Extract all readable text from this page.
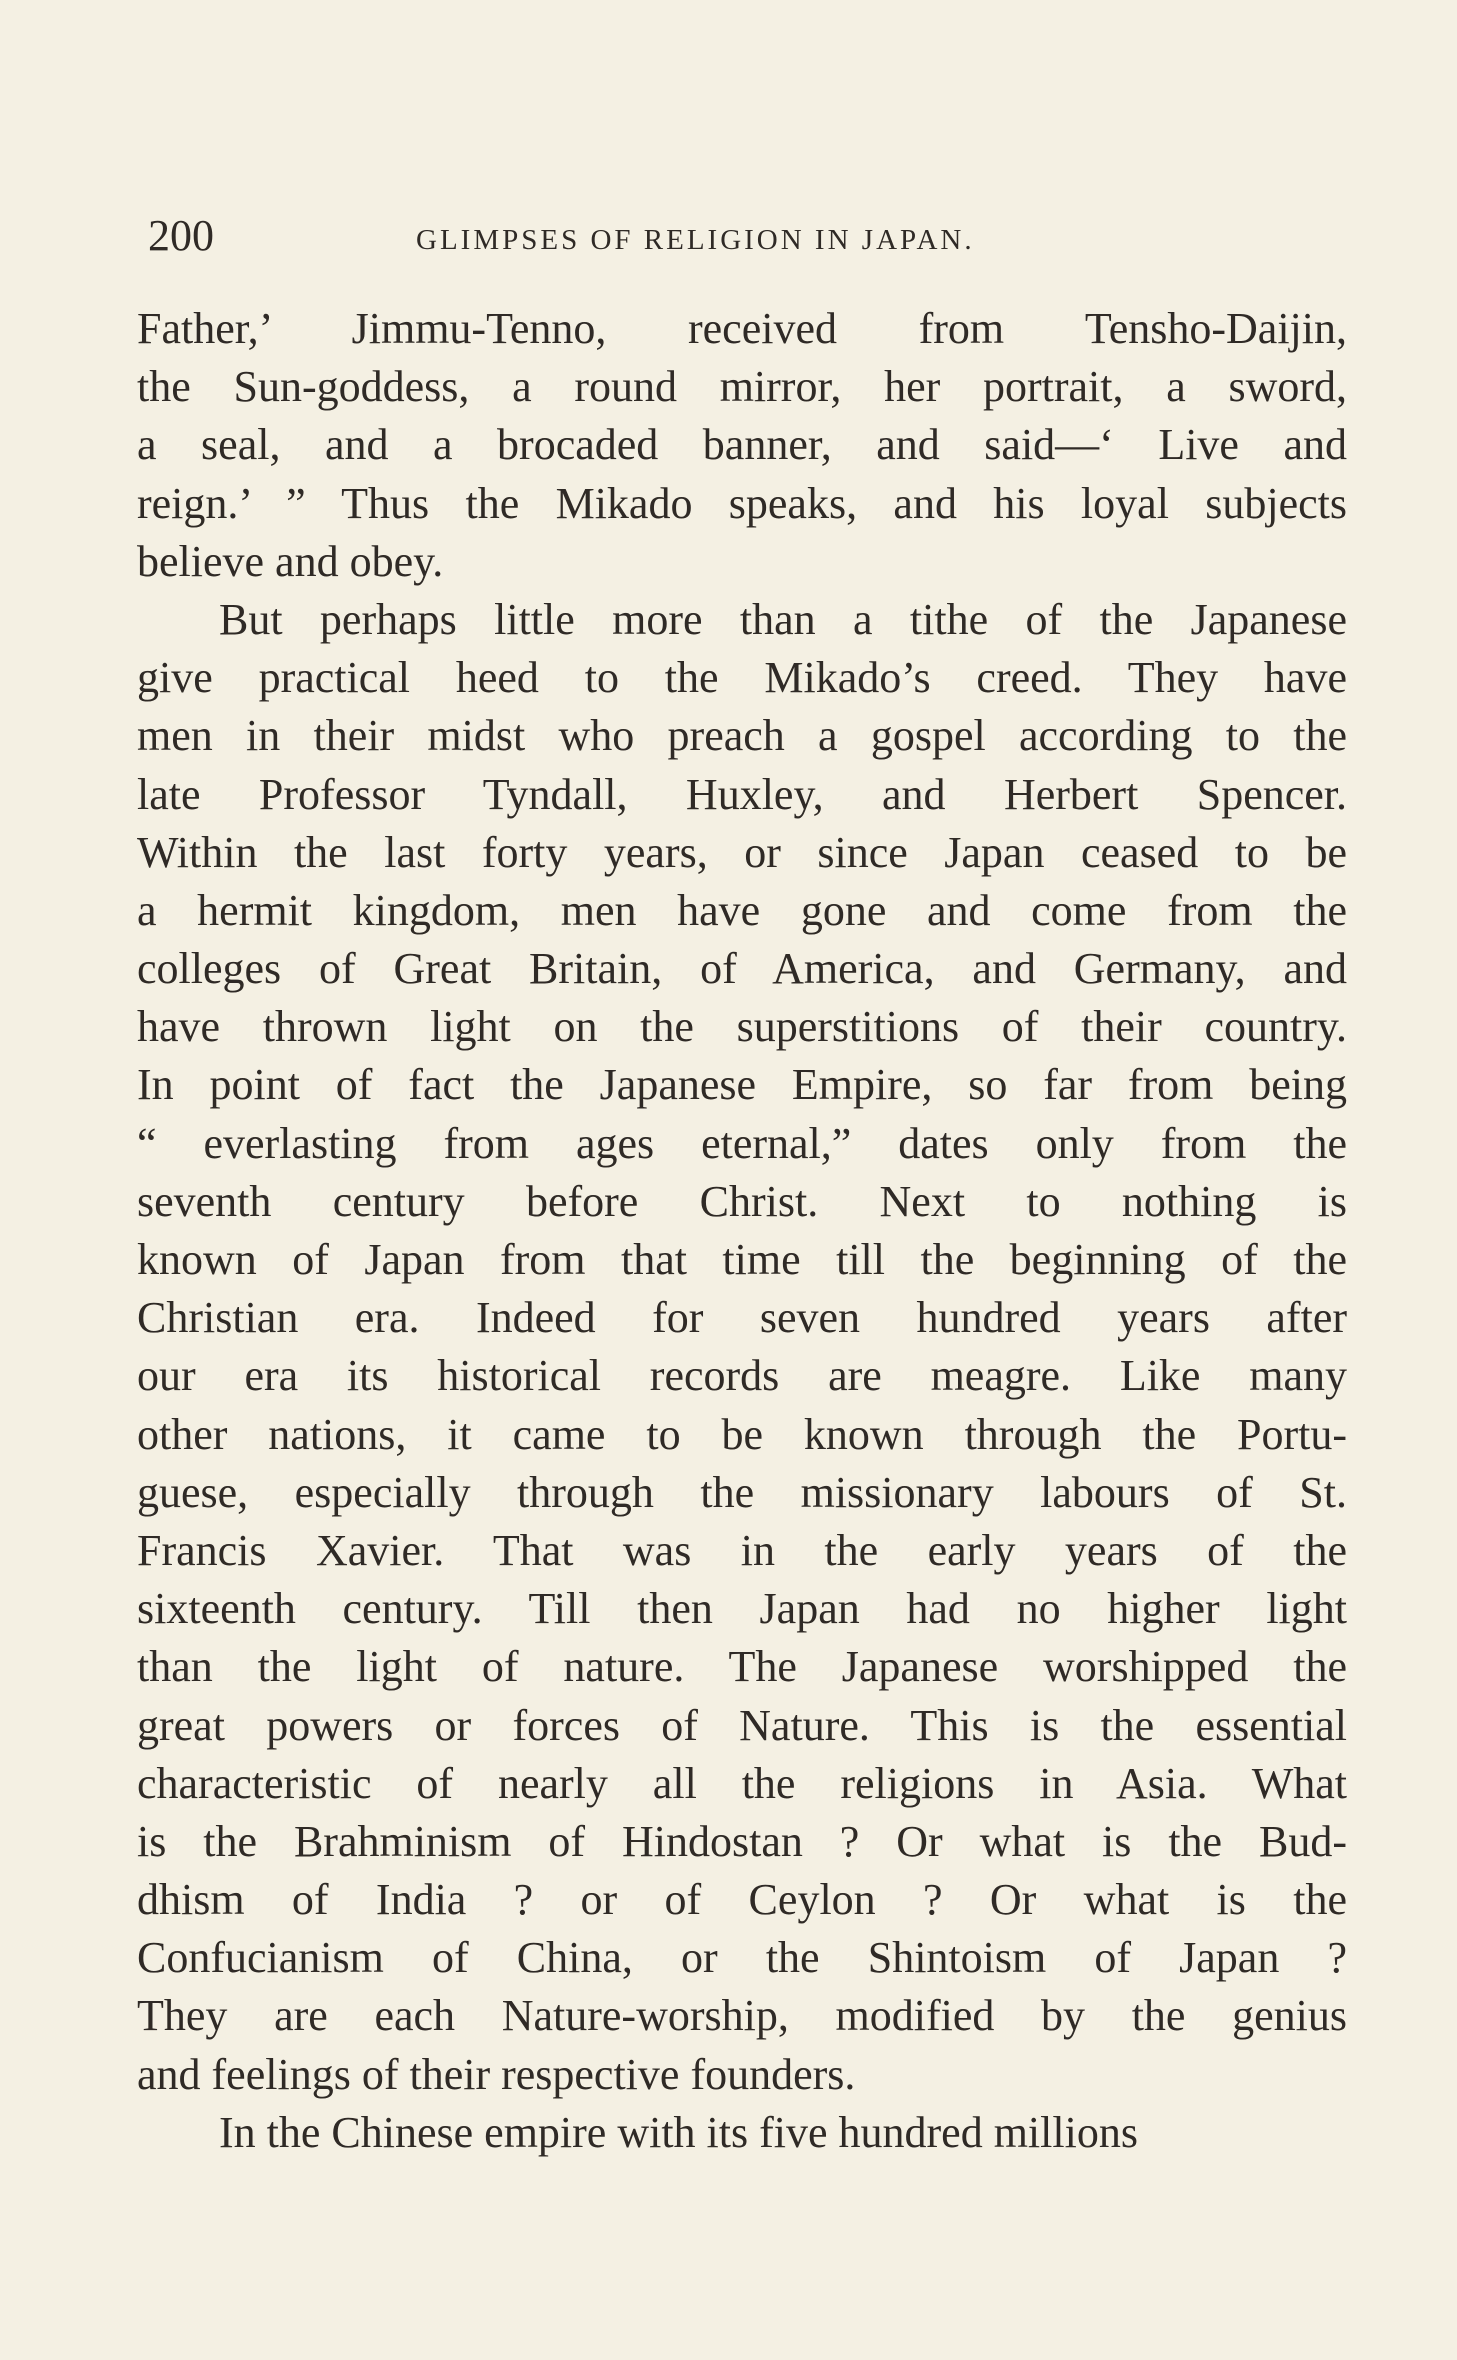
200	GLIMPSES OF RELIGION IN JAPAN.
Father,’ Jimmu-Tenno, received from Tensho-Daijin,
the Sun-goddess, a round mirror, her portrait, a sword,
a seal, and a brocaded banner, and said—‘ Live and
reign.’ ” Thus the Mikado speaks, and his loyal subjects
believe and obey.
But perhaps little more than a tithe of the Japanese
give practical heed to the Mikado’s creed. They have
men in their midst who preach a gospel according to the
late Professor Tyndall, Huxley, and Herbert Spencer.
Within the last forty years, or since Japan ceased to be
a hermit kingdom, men have gone and come from the
colleges of Great Britain, of America, and Germany, and
have thrown light on the superstitions of their country.
In point of fact the Japanese Empire, so far from being
“ everlasting from ages eternal,” dates only from the
seventh century before Christ. Next to nothing is
known of Japan from that time till the beginning of the
Christian era. Indeed for seven hundred years after
our era its historical records are meagre. Like many
other nations, it came to be known through the Portu-
guese, especially through the missionary labours of St.
Francis Xavier. That was in the early years of the
sixteenth century. Till then Japan had no higher light
than the light of nature. The Japanese worshipped the
great powers or forces of Nature. This is the essential
characteristic of nearly all the religions in Asia. What
is the Brahminism of Hindostan ? Or what is the Bud-
dhism of India ? or of Ceylon ? Or what is the
Confucianism of China, or the Shintoism of Japan ?
They are each Nature-worship, modified by the genius
and feelings of their respective founders.
In the Chinese empire with its five hundred millions
